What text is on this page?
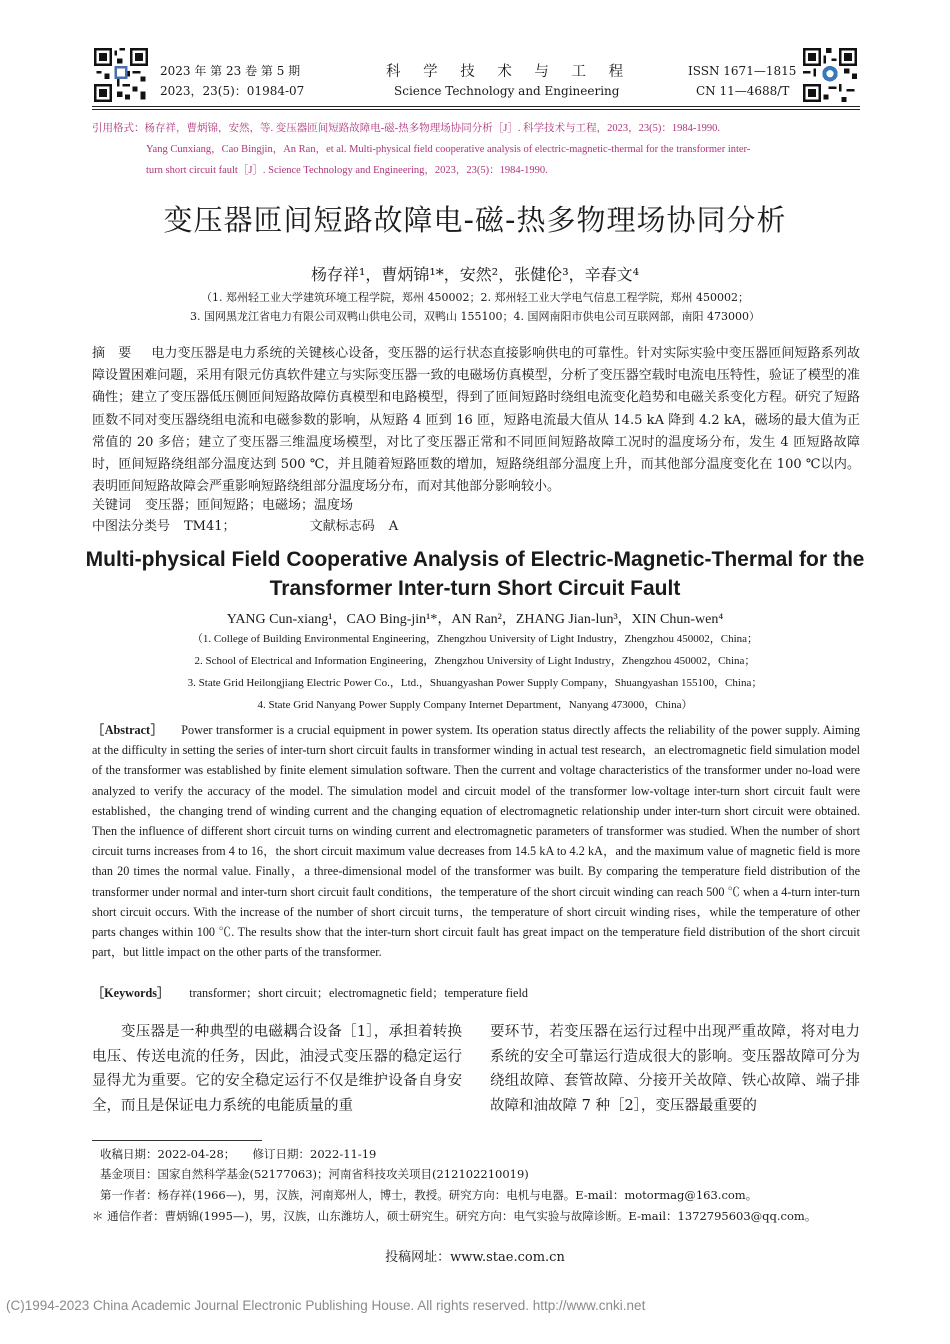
2023 年 第 23 卷 第 5 期
2023，23(5)：01984-07
科 学 技 术 与 工 程
Science Technology and Engineering
ISSN 1671—1815
CN 11—4688/T
引用格式：杨存祥，曹炳锦，安然，等. 变压器匝间短路故障电-磁-热多物理场协同分析［J］. 科学技术与工程，2023，23(5)：1984-1990.
Yang Cunxiang，Cao Bingjin，An Ran，et al. Multi-physical field cooperative analysis of electric-magnetic-thermal for the transformer inter-
turn short circuit fault［J］. Science Technology and Engineering，2023，23(5)：1984-1990.
变压器匝间短路故障电-磁-热多物理场协同分析
杨存祥¹，曹炳锦¹*，安然²，张健伦³，辛春文⁴
（1. 郑州轻工业大学建筑环境工程学院，郑州 450002；2. 郑州轻工业大学电气信息工程学院，郑州 450002；
3. 国网黑龙江省电力有限公司双鸭山供电公司，双鸭山 155100；4. 国网南阳市供电公司互联网部，南阳 473000）
摘　要 电力变压器是电力系统的关键核心设备，变压器的运行状态直接影响供电的可靠性。针对实际实验中变压器匝间短路系列故障设置困难问题，采用有限元仿真软件建立与实际变压器一致的电磁场仿真模型，分析了变压器空载时电流电压特性，验证了模型的准确性；建立了变压器低压侧匝间短路故障仿真模型和电路模型，得到了匝间短路时绕组电流变化趋势和电磁关系变化方程。研究了短路匝数不同对变压器绕组电流和电磁参数的影响，从短路 4 匝到 16 匝，短路电流最大值从 14.5 kA 降到 4.2 kA，磁场的最大值为正常值的 20 多倍；建立了变压器三维温度场模型，对比了变压器正常和不同匝间短路故障工况时的温度场分布，发生 4 匝短路故障时，匝间短路绕组部分温度达到 500 ℃，并且随着短路匝数的增加，短路绕组部分温度上升，而其他部分温度变化在 100 ℃以内。表明匝间短路故障会严重影响短路绕组部分温度场分布，而对其他部分影响较小。
关键词 变压器；匝间短路；电磁场；温度场
中图法分类号 TM41；	文献标志码 A
Multi-physical Field Cooperative Analysis of Electric-Magnetic-Thermal for the Transformer Inter-turn Short Circuit Fault
YANG Cun-xiang¹，CAO Bing-jin¹*，AN Ran²，ZHANG Jian-lun³，XIN Chun-wen⁴
（1. College of Building Environmental Engineering，Zhengzhou University of Light Industry，Zhengzhou 450002，China；
2. School of Electrical and Information Engineering，Zhengzhou University of Light Industry，Zhengzhou 450002，China；
3. State Grid Heilongjiang Electric Power Co.，Ltd.，Shuangyashan Power Supply Company，Shuangyashan 155100，China；
4. State Grid Nanyang Power Supply Company Internet Department，Nanyang 473000，China）
［Abstract］ Power transformer is a crucial equipment in power system. Its operation status directly affects the reliability of the power supply. Aiming at the difficulty in setting the series of inter-turn short circuit faults in transformer winding in actual test research，an electromagnetic field simulation model of the transformer was established by finite element simulation software. Then the current and voltage characteristics of the transformer under no-load were analyzed to verify the accuracy of the model. The simulation model and circuit model of the transformer low-voltage inter-turn short circuit fault were established，the changing trend of winding current and the changing equation of electromagnetic relationship under inter-turn short circuit were obtained. Then the influence of different short circuit turns on winding current and electromagnetic parameters of transformer was studied. When the number of short circuit turns increases from 4 to 16，the short circuit maximum value decreases from 14.5 kA to 4.2 kA，and the maximum value of magnetic field is more than 20 times the normal value. Finally，a three-dimensional model of the transformer was built. By comparing the temperature field distribution of the transformer under normal and inter-turn short circuit fault conditions，the temperature of the short circuit winding can reach 500 ℃ when a 4-turn inter-turn short circuit occurs. With the increase of the number of short circuit turns，the temperature of short circuit winding rises，while the temperature of other parts changes within 100 ℃. The results show that the inter-turn short circuit fault has great impact on the temperature field distribution of the short circuit part，but little impact on the other parts of the transformer.
［Keywords］ transformer；short circuit；electromagnetic field；temperature field
变压器是一种典型的电磁耦合设备［1］，承担着转换电压、传送电流的任务，因此，油浸式变压器的稳定运行显得尤为重要。它的安全稳定运行不仅是维护设备自身安全，而且是保证电力系统的电能质量的重
要环节，若变压器在运行过程中出现严重故障，将对电力系统的安全可靠运行造成很大的影响。变压器故障可分为绕组故障、套管故障、分接开关故障、铁心故障、端子排故障和油故障 7 种［2］，变压器最重要的
收稿日期：2022-04-28；　　修订日期：2022-11-19
基金项目：国家自然科学基金(52177063)；河南省科技攻关项目(212102210019)
第一作者：杨存祥(1966—)，男，汉族，河南郑州人，博士，教授。研究方向：电机与电器。E-mail：motormag@163.com。
＊ 通信作者：曹炳锦(1995—)，男，汉族，山东潍坊人，硕士研究生。研究方向：电气实验与故障诊断。E-mail：1372795603@qq.com。
投稿网址：www.stae.com.cn
(C)1994-2023 China Academic Journal Electronic Publishing House. All rights reserved. http://www.cnki.net
